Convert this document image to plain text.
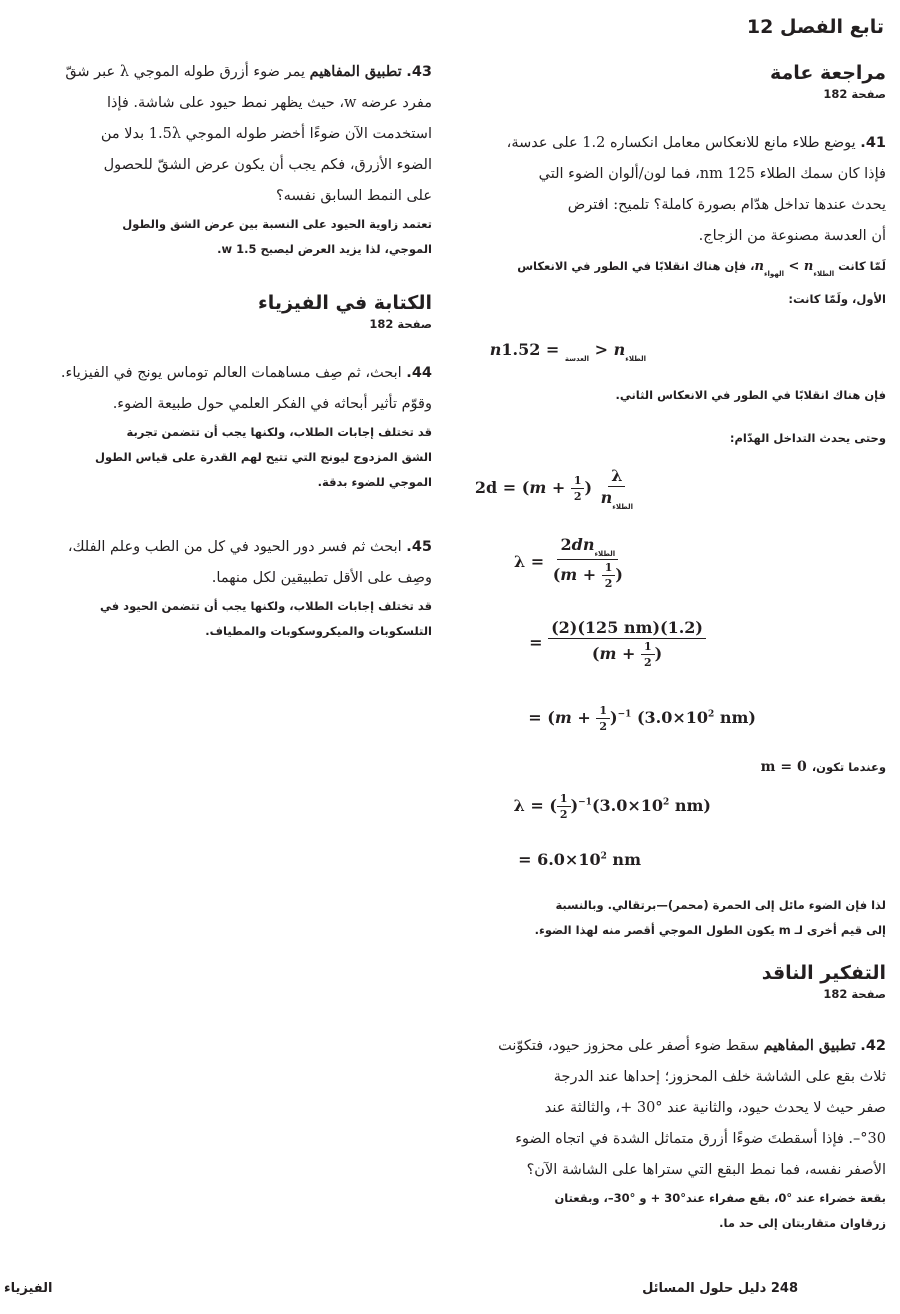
تابع الفصل 12
مراجعة عامة

صفحة 182

41. يوضع طلاء مانع للانعكاس معامل انكساره 1.2 على عدسة،

فإذا كان سمك الطلاء 125 nm، فما لون/ألوان الضوء التي

يحدث عندها تداخل هدّام بصورة كاملة؟ تلميح: افترض

أن العدسة مصنوعة من الزجاج.

لَمّا كانت $n_{الهواء}$ < $n_{الطلاء}،$ فإن هناك انقلابًا في الطور في الانعكاس

الأول، ولَمّا كانت:

n	$_{العدسة} = 1.52 > n_{الطلاء}$

فإن هناك انقلابًا في الطور في الانعكاس الثاني.

وحتى يحدث التداخل الهدّام:

$2d = (m + \frac{1}{2}$ ) $\frac{\lambda}{n_{الطلاء}}$
$\lambda = \frac{2dn_{الطلاء}}{(m + \frac{1}{2} )}$
= $\frac{(2)(125 nm)(1.2)}{(m + \frac{1}{2} )}$
= $(m + \frac{1}{2} )^{-1}$ ($3.0\times 10^2$ nm)
وعندما تكون، m = 0
λ = ( $\frac{1}{2} )^{-1}(3.0\times 10^2$ nm)
= $6.0\times 10^2$ nm

لذا فإن الضوء مائل إلى الحمرة (محمر)—برتقالي. وبالنسبة

إلى قيم أخرى لـ m يكون الطول الموجي أقصر منه لهذا الضوء.

التفكير الناقد

صفحة 182

42. تطبيق المفاهيم سقط ضوء أصفر على محزوز حيود، فتكوّنت

ثلاث بقع على الشاشة خلف المحزوز؛ إحداها عند الدرجة

صفر حيث لا يحدث حيود، والثانية عند °30 +، والثالثة عند

°30–. فإذا أسقطتَ ضوءًا أزرق متماثل الشدة في اتجاه الضوء

الأصفر نفسه، فما نمط البقع التي ستراها على الشاشة الآن؟

بقعة خضراء عند °0، بقع صفراء عند°30 + و °30–، وبقعتان

زرقاوان متقاربتان إلى حد ما.

43. تطبيق المفاهيم يمر ضوء أزرق طوله الموجي λ عبر شقّ

مفرد عرضه w، حيث يظهر نمط حيود على شاشة. فإذا

استخدمت الآن ضوءًا أخضر طوله الموجي 1.5λ بدلا من

الضوء الأزرق، فكم يجب أن يكون عرض الشقّ للحصول

على النمط السابق نفسه؟

تعتمد زاوية الحيود على النسبة بين عرض الشق والطول

الموجي، لذا يزيد العرض ليصبح w 1.5.

الكتابة في الفيزياء

صفحة 182

44. ابحث، ثم صِف مساهمات العالم توماس يونج في الفيزياء.

وقوّم تأثير أبحاثه في الفكر العلمي حول طبيعة الضوء.

قد تختلف إجابات الطلاب، ولكنها يجب أن تتضمن تجربة

الشق المزدوج ليونج التي تتيح لهم القدرة على قياس الطول

الموجي للضوء بدقة.

45. ابحث ثم فسر دور الحيود في كل من الطب وعلم الفلك،

وصِف على الأقل تطبيقين لكل منهما.

قد تختلف إجابات الطلاب، ولكنها يجب أن تتضمن الحيود في

التلسكوبات والميكروسكوبات والمطياف.

248 دليل حلول المسائل
الفيزياء
